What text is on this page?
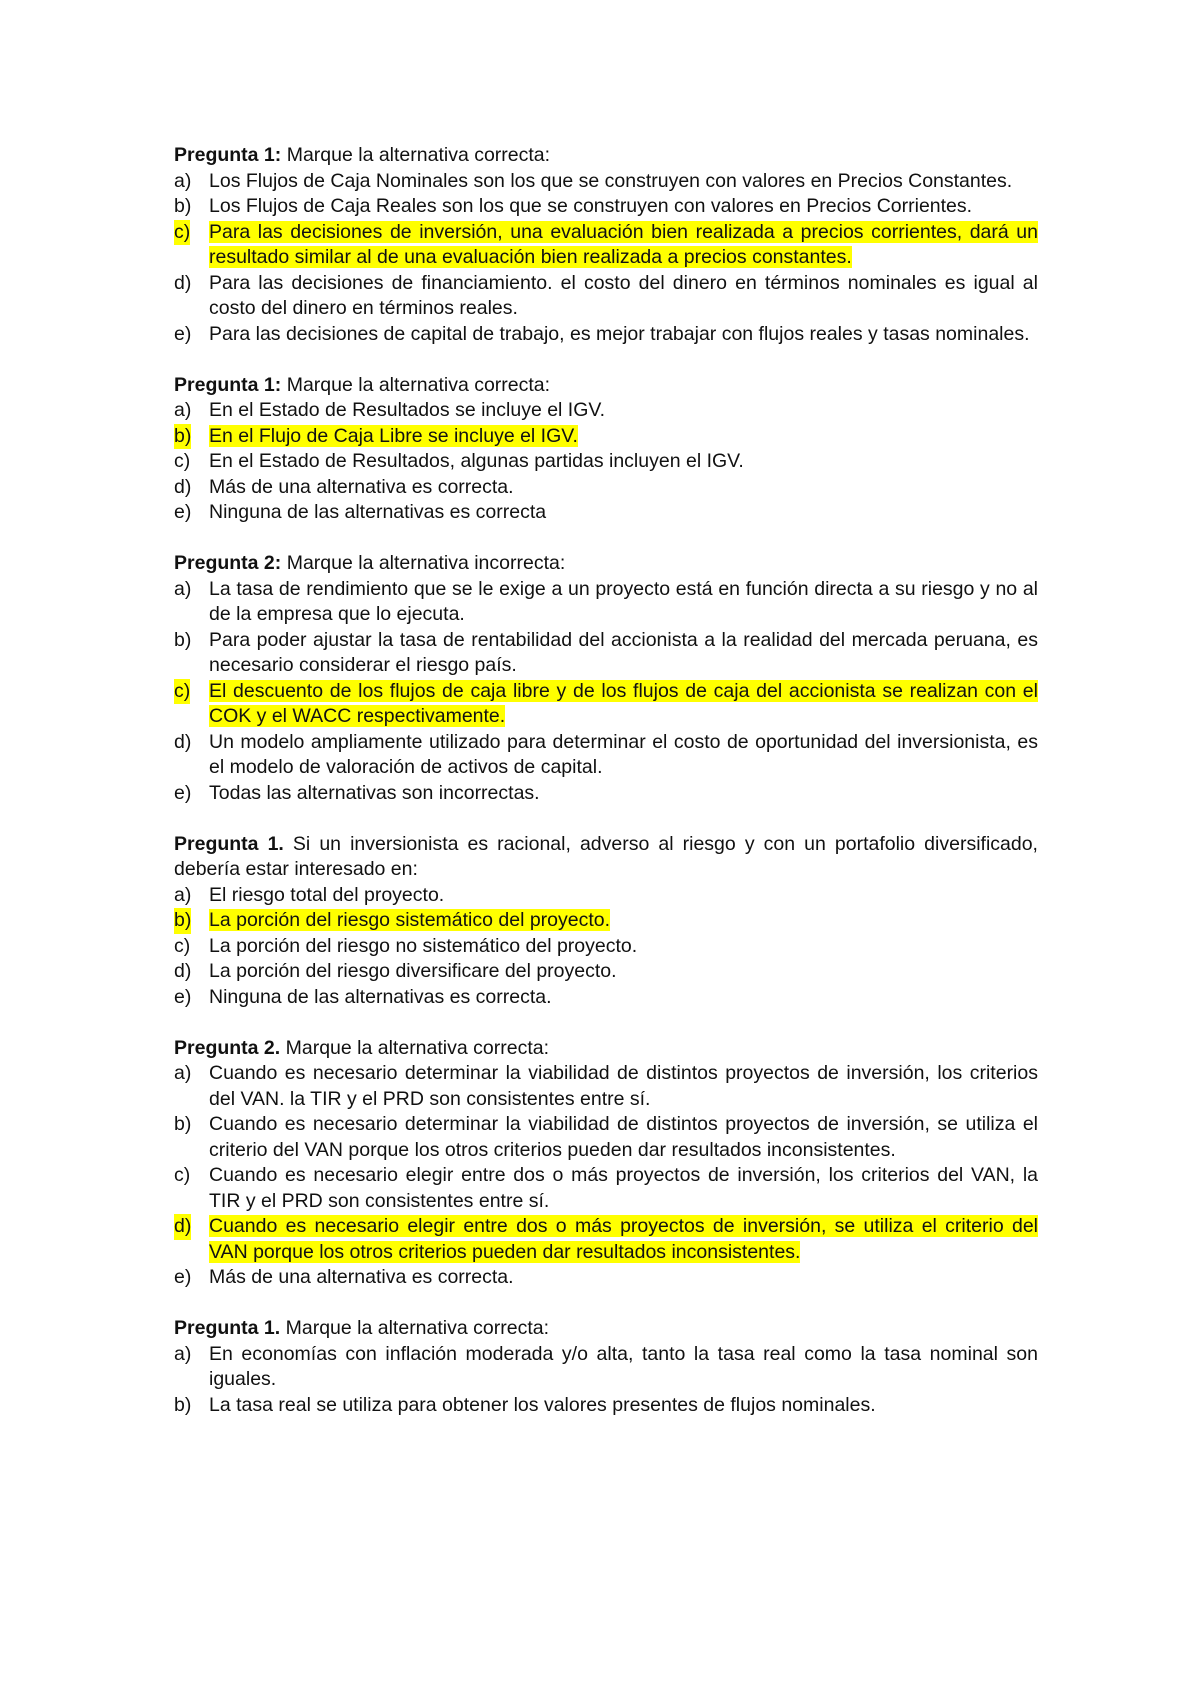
Pregunta 1: Marque la alternativa correcta:

a) Los Flujos de Caja Nominales son los que se construyen con valores en Precios Constantes.
b) Los Flujos de Caja Reales son los que se construyen con valores en Precios Corrientes.
c) Para las decisiones de inversión, una evaluación bien realizada a precios corrientes, dará un resultado similar al de una evaluación bien realizada a precios constantes.
d) Para las decisiones de financiamiento. el costo del dinero en términos nominales es igual al costo del dinero en términos reales.
e) Para las decisiones de capital de trabajo, es mejor trabajar con flujos reales y tasas nominales.

Pregunta 1: Marque la alternativa correcta:

a) En el Estado de Resultados se incluye el IGV.
b) En el Flujo de Caja Libre se incluye el IGV.
c) En el Estado de Resultados, algunas partidas incluyen el IGV.
d) Más de una alternativa es correcta.
e) Ninguna de las alternativas es correcta

Pregunta 2: Marque la alternativa incorrecta:

a) La tasa de rendimiento que se le exige a un proyecto está en función directa a su riesgo y no al de la empresa que lo ejecuta.
b) Para poder ajustar la tasa de rentabilidad del accionista a la realidad del mercada peruana, es necesario considerar el riesgo país.
c) El descuento de los flujos de caja libre y de los flujos de caja del accionista se realizan con el COK y el WACC respectivamente.
d) Un modelo ampliamente utilizado para determinar el costo de oportunidad del inversionista, es el modelo de valoración de activos de capital.
e) Todas las alternativas son incorrectas.

Pregunta 1. Si un inversionista es racional, adverso al riesgo y con un portafolio diversificado, debería estar interesado en:

a) El riesgo total del proyecto.
b) La porción del riesgo sistemático del proyecto.
c) La porción del riesgo no sistemático del proyecto.
d) La porción del riesgo diversificare del proyecto.
e) Ninguna de las alternativas es correcta.

Pregunta 2. Marque la alternativa correcta:

a) Cuando es necesario determinar la viabilidad de distintos proyectos de inversión, los criterios del VAN. la TIR y el PRD son consistentes entre sí.
b) Cuando es necesario determinar la viabilidad de distintos proyectos de inversión, se utiliza el criterio del VAN porque los otros criterios pueden dar resultados inconsistentes.
c) Cuando es necesario elegir entre dos o más proyectos de inversión, los criterios del VAN, la TIR y el PRD son consistentes entre sí.
d) Cuando es necesario elegir entre dos o más proyectos de inversión, se utiliza el criterio del VAN porque los otros criterios pueden dar resultados inconsistentes.
e) Más de una alternativa es correcta.

Pregunta 1. Marque la alternativa correcta:

a) En economías con inflación moderada y/o alta, tanto la tasa real como la tasa nominal son iguales.
b) La tasa real se utiliza para obtener los valores presentes de flujos nominales.
